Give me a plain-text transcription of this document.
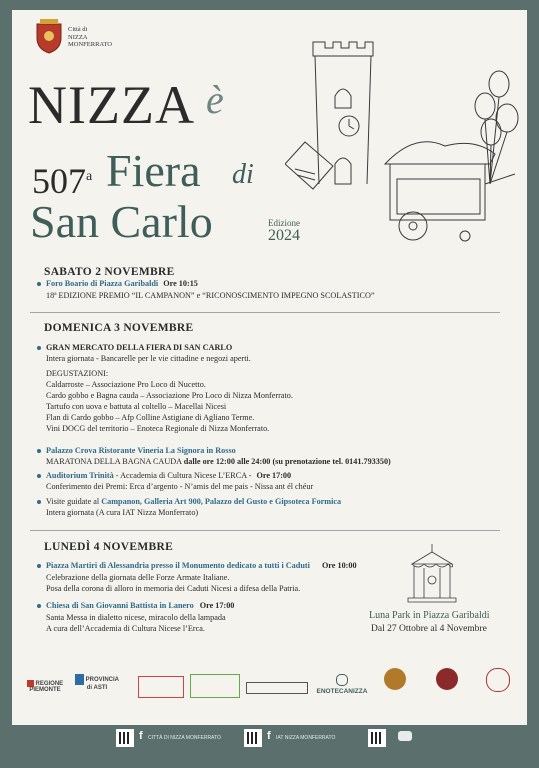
Città di
NIZZA
MONFERRATO
NIZZA è
507$^a$ Fiera di
San Carlo	Edizione
2024
SABATO 2 NOVEMBRE
Foro Boario di Piazza Garibaldi Ore 10:15
18ª EDIZIONE PREMIO “IL CAMPANON” e “RICONOSCIMENTO IMPEGNO SCOLASTICO”
DOMENICA 3 NOVEMBRE
GRAN MERCATO DELLA FIERA DI SAN CARLO
Intera giornata - Bancarelle per le vie cittadine e negozi aperti.
DEGUSTAZIONI:
Caldarroste – Associazione Pro Loco di Nucetto.
Cardo gobbo e Bagna cauda – Associazione Pro Loco di Nizza Monferrato.
Tartufo con uova e battuta al coltello – Macellai Nicesi
Flan di Cardo gobbo – Afp Colline Astigiane di Agliano Terme.
Vini DOCG del territorio – Enoteca Regionale di Nizza Monferrato.
Palazzo Crova Ristorante Vineria La Signora in Rosso
MARATONA DELLA BAGNA CAUDA dalle ore 12:00 alle 24:00 (su prenotazione tel. 0141.793350)
Auditorium Trinità - Accademia di Cultura Nicese L’ERCA - Ore 17:00
Conferimento dei Premi: Erca d’argento - N’amis del me pais - Nissa ant él chéur
Visite guidate al Campanon, Galleria Art 900, Palazzo del Gusto e Gipsoteca Formica
Intera giornata (A cura IAT Nizza Monferrato)
LUNEDÌ 4 NOVEMBRE
Piazza Martiri di Alessandria presso il Monumento dedicato a tutti i Caduti Ore 10:00
Celebrazione della giornata delle Forze Armate Italiane.
Posa della corona di alloro in memoria dei Caduti Nicesi a difesa della Patria.
Chiesa di San Giovanni Battista in Lanero Ore 17:00
Santa Messa in dialetto nicese, miracolo della lampada
A cura dell’Accademia di Cultura Nicese l’Erca.
Luna Park in Piazza Garibaldi
Dal 27 Ottobre al 4 Novembre
REGIONE PIEMONTE
PROVINCIA di ASTI	ENOTECANIZZA
f CITTÀ DI NIZZA MONFERRATO	f IAT NIZZA MONFERRATO
